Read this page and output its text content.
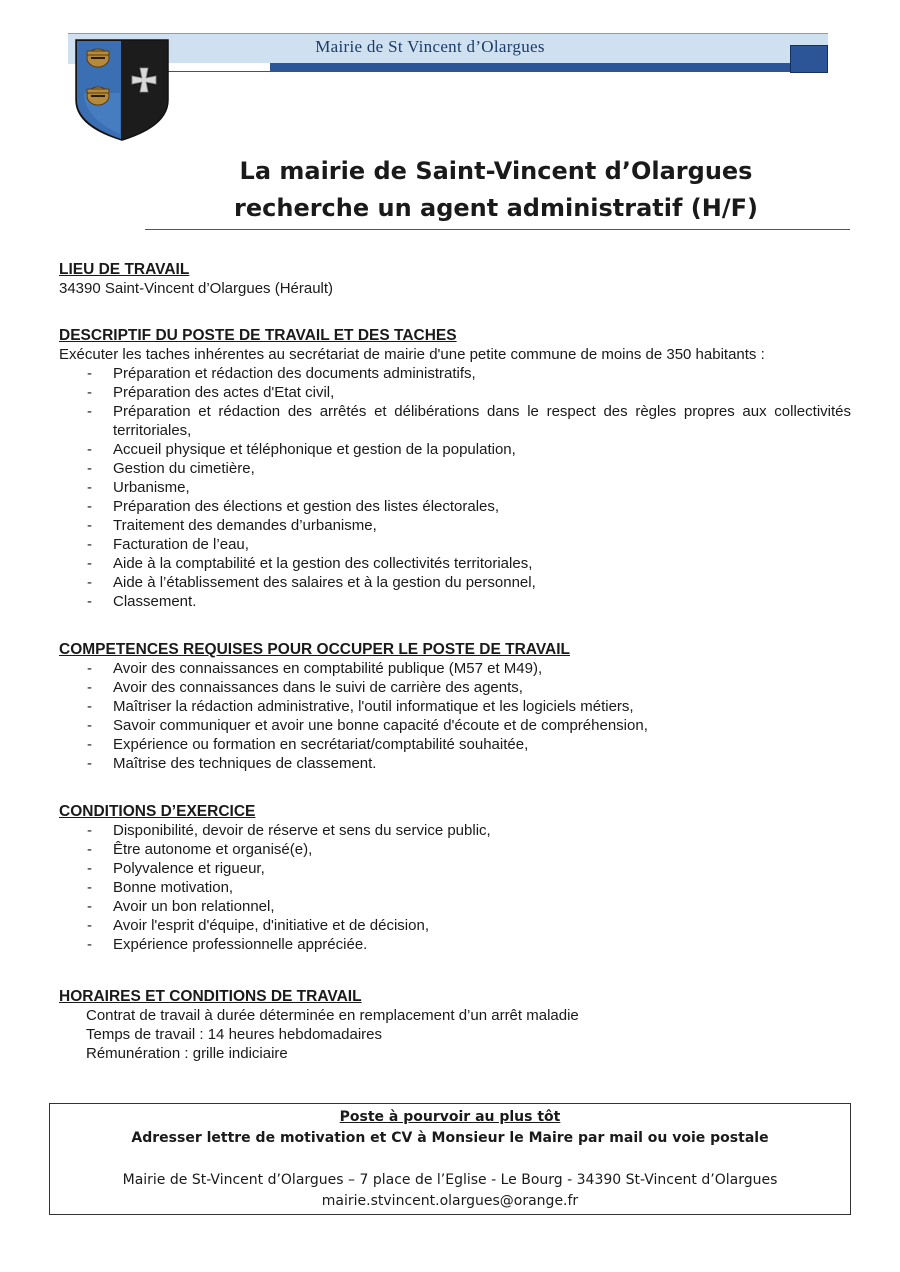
Mairie de St Vincent d’Olargues
La mairie de Saint-Vincent d’Olargues
recherche un agent administratif (H/F)
LIEU DE TRAVAIL
34390 Saint-Vincent d’Olargues (Hérault)
DESCRIPTIF DU POSTE DE TRAVAIL ET DES TACHES
Exécuter les taches inhérentes au secrétariat de mairie d'une petite commune de moins de 350 habitants :
- Préparation et rédaction des documents administratifs,
- Préparation des actes d'Etat civil,
- Préparation et rédaction des arrêtés et délibérations dans le respect des règles propres aux collectivités territoriales,
- Accueil physique et téléphonique et gestion de la population,
- Gestion du cimetière,
- Urbanisme,
- Préparation des élections et gestion des listes électorales,
- Traitement des demandes d’urbanisme,
- Facturation de l’eau,
- Aide à la comptabilité et la gestion des collectivités territoriales,
- Aide à l’établissement des salaires et à la gestion du personnel,
- Classement.
COMPETENCES REQUISES POUR OCCUPER LE POSTE DE TRAVAIL
- Avoir des connaissances en comptabilité publique (M57 et M49),
- Avoir des connaissances dans le suivi de carrière des agents,
- Maîtriser la rédaction administrative, l'outil informatique et les logiciels métiers,
- Savoir communiquer et avoir une bonne capacité d'écoute et de compréhension,
- Expérience ou formation en secrétariat/comptabilité souhaitée,
- Maîtrise des techniques de classement.
CONDITIONS D’EXERCICE
- Disponibilité, devoir de réserve et sens du service public,
- Être autonome et organisé(e),
- Polyvalence et rigueur,
- Bonne motivation,
- Avoir un bon relationnel,
- Avoir l'esprit d'équipe, d'initiative et de décision,
- Expérience professionnelle appréciée.
HORAIRES ET CONDITIONS DE TRAVAIL
Contrat de travail à durée déterminée en remplacement d’un arrêt maladie
Temps de travail : 14 heures hebdomadaires
Rémunération : grille indiciaire
Poste à pourvoir au plus tôt
Adresser lettre de motivation et CV à Monsieur le Maire par mail ou voie postale
Mairie de St-Vincent d’Olargues – 7 place de l’Eglise - Le Bourg - 34390 St-Vincent d’Olargues
mairie.stvincent.olargues@orange.fr
